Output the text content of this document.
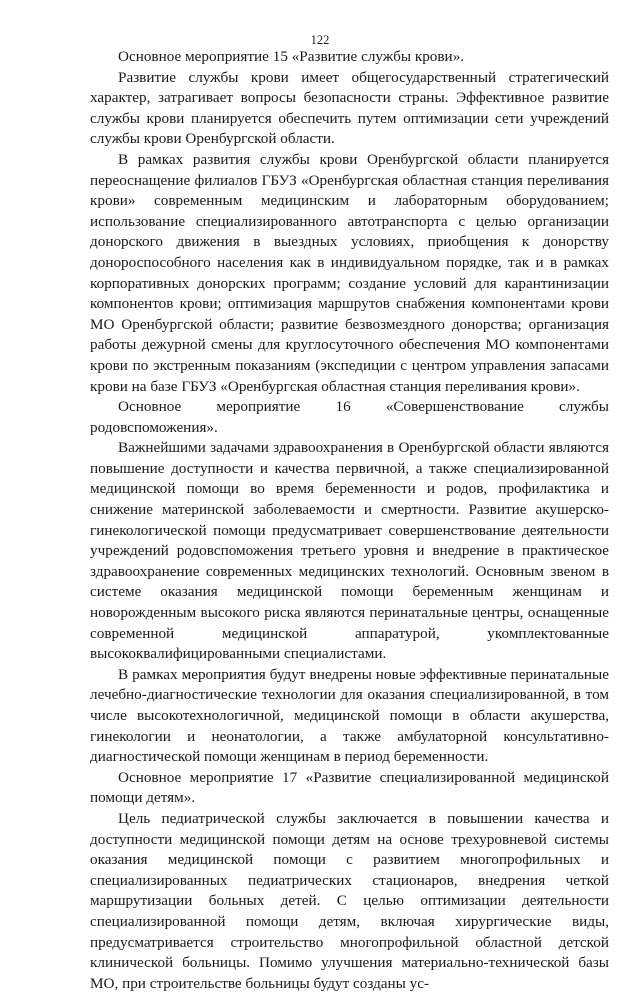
122

Основное мероприятие 15 «Развитие службы крови».

Развитие службы крови имеет общегосударственный стратегический характер, затрагивает вопросы безопасности страны. Эффективное развитие службы крови планируется обеспечить путем оптимизации сети учреждений службы крови Оренбургской области.

В рамках развития службы крови Оренбургской области планируется переоснащение филиалов ГБУЗ «Оренбургская областная станция переливания крови» современным медицинским и лабораторным оборудованием; использование специализированного автотранспорта с целью организации донорского движения в выездных условиях, приобщения к донорству донороспособного населения как в индивидуальном порядке, так и в рамках корпоративных донорских программ; создание условий для карантинизации компонентов крови; оптимизация маршрутов снабжения компонентами крови МО Оренбургской области; развитие безвозмездного донорства; организация работы дежурной смены для круглосуточного обеспечения МО компонентами крови по экстренным показаниям (экспедиции с центром управления запасами крови на базе ГБУЗ «Оренбургская областная станция переливания крови».

Основное мероприятие 16 «Совершенствование службы родовспоможения».

Важнейшими задачами здравоохранения в Оренбургской области являются повышение доступности и качества первичной, а также специализированной медицинской помощи во время беременности и родов, профилактика и снижение материнской заболеваемости и смертности. Развитие акушерско-гинекологической помощи предусматривает совершенствование деятельности учреждений родовспоможения третьего уровня и внедрение в практическое здравоохранение современных медицинских технологий. Основным звеном в системе оказания медицинской помощи беременным женщинам и новорожденным высокого риска являются перинатальные центры, оснащенные современной медицинской аппаратурой, укомплектованные высококвалифицированными специалистами.

В рамках мероприятия будут внедрены новые эффективные перинатальные лечебно-диагностические технологии для оказания специализированной, в том числе высокотехнологичной, медицинской помощи в области акушерства, гинекологии и неонатологии, а также амбулаторной консультативно-диагностической помощи женщинам в период беременности.

Основное мероприятие 17 «Развитие специализированной медицинской помощи детям».

Цель педиатрической службы заключается в повышении качества и доступности медицинской помощи детям на основе трехуровневой системы оказания медицинской помощи с развитием многопрофильных и специализированных педиатрических стационаров, внедрения четкой маршрутизации больных детей. С целью оптимизации деятельности специализированной помощи детям, включая хирургические виды, предусматривается строительство многопрофильной областной детской клинической больницы. Помимо улучшения материально-технической базы МО, при строительстве больницы будут созданы ус-
